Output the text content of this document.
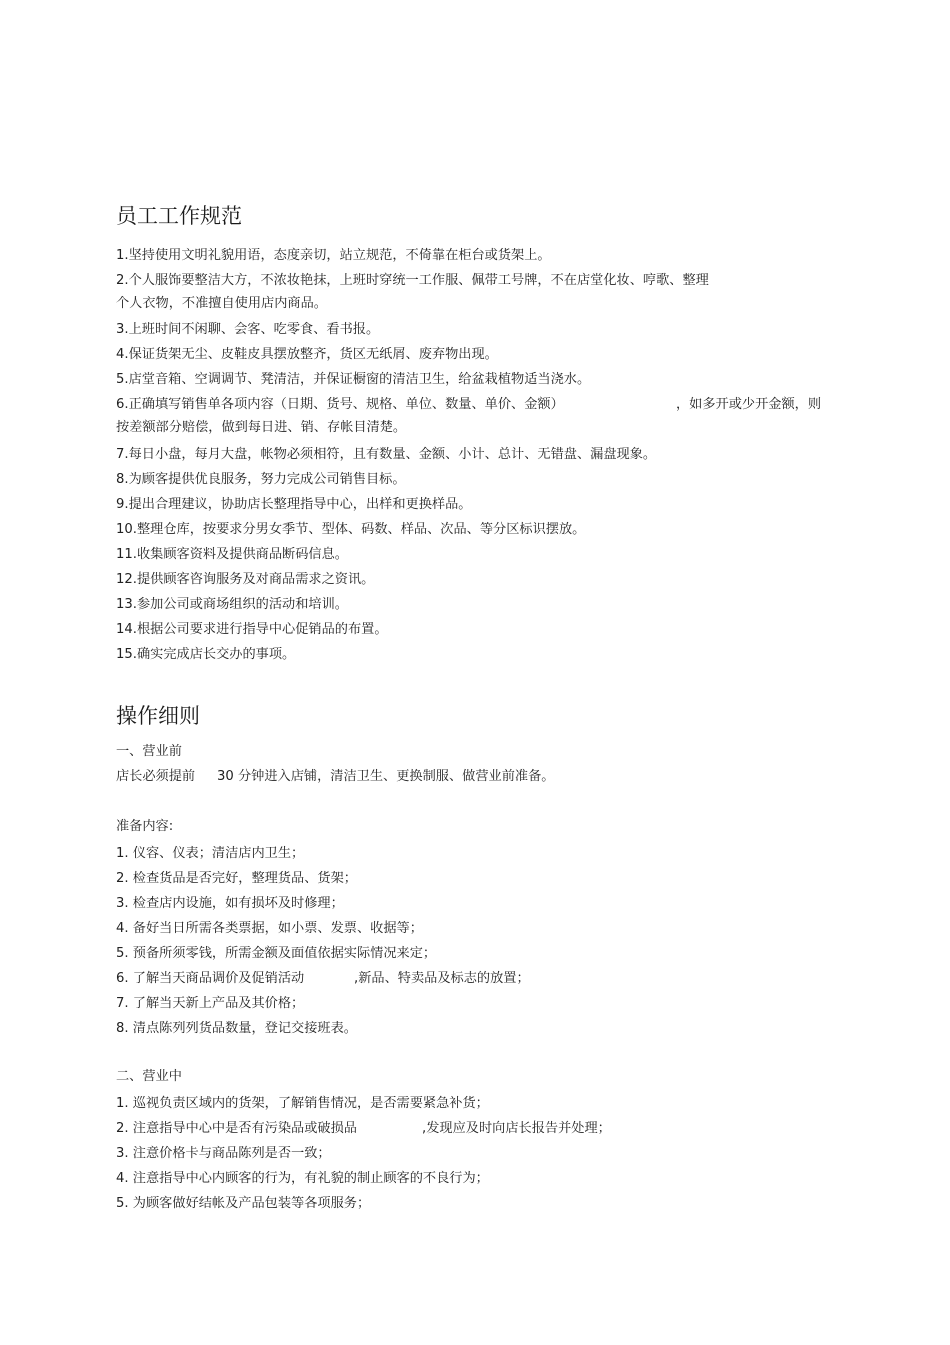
员工工作规范

1.坚持使用文明礼貌用语，态度亲切，站立规范，不倚靠在柜台或货架上。

2.个人服饰要整洁大方，不浓妆艳抹，上班时穿统一工作服、佩带工号牌，不在店堂化妆、哼歌、整理

个人衣物，不准擅自使用店内商品。

3.上班时间不闲聊、会客、吃零食、看书报。

4.保证货架无尘、皮鞋皮具摆放整齐，货区无纸屑、废弃物出现。

5.店堂音箱、空调调节、凳清洁，并保证橱窗的清洁卫生，给盆栽植物适当浇水。

6.正确填写销售单各项内容（日期、货号、规格、单位、数量、单价、金额）	，如多开或少开金额，则

按差额部分赔偿，做到每日进、销、存帐目清楚。

7.每日小盘，每月大盘，帐物必须相符，且有数量、金额、小计、总计、无错盘、漏盘现象。

8.为顾客提供优良服务，努力完成公司销售目标。

9.提出合理建议，协助店长整理指导中心，出样和更换样品。

10.整理仓库，按要求分男女季节、型体、码数、样品、次品、等分区标识摆放。

11.收集顾客资料及提供商品断码信息。

12.提供顾客咨询服务及对商品需求之资讯。

13.参加公司或商场组织的活动和培训。

14.根据公司要求进行指导中心促销品的布置。

15.确实完成店长交办的事项。

操作细则

一、营业前

店长必须提前 30 分钟进入店铺，清洁卫生、更换制服、做营业前准备。

准备内容:

1. 仪容、仪表；清洁店内卫生；

2. 检查货品是否完好，整理货品、货架；

3. 检查店内设施，如有损坏及时修理；

4. 备好当日所需各类票据，如小票、发票、收据等；

5. 预备所须零钱，所需金额及面值依据实际情况来定；

6. 了解当天商品调价及促销活动	,新品、特卖品及标志的放置；

7. 了解当天新上产品及其价格；

8. 清点陈列列货品数量，登记交接班表。

二、营业中

1. 巡视负责区域内的货架，了解销售情况，是否需要紧急补货；

2. 注意指导中心中是否有污染品或破损品	,发现应及时向店长报告并处理；

3. 注意价格卡与商品陈列是否一致；

4. 注意指导中心内顾客的行为，有礼貌的制止顾客的不良行为；

5. 为顾客做好结帐及产品包装等各项服务；
